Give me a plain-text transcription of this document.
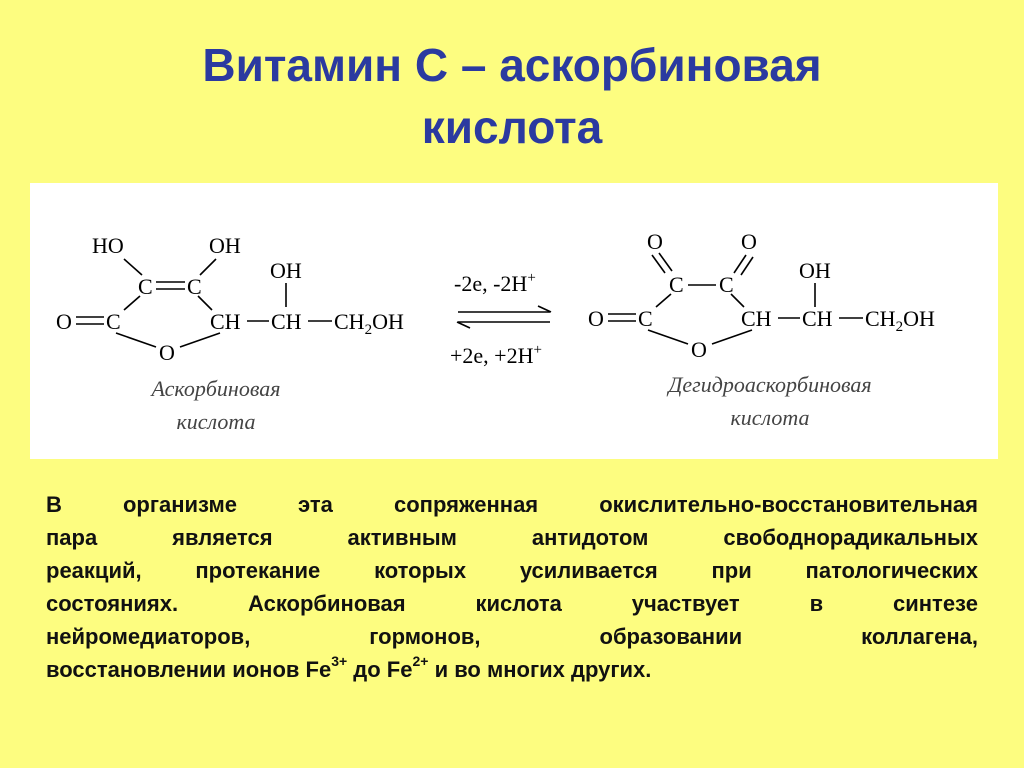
Витамин С – аскорбиновая
кислота
HO	OH
C C
OH
O C	CH CH $CH_2OH$
O
Аскорбиновая
кислота
-2e, -2H+
+2e, +2H+
O	O
C C
OH
O C	CH CH $CH_2OH$
O
Дегидроаскорбиновая
кислота
В	организме	эта	сопряженная	окислительно-восстановительная
пара	является	активным	антидотом	свободнорадикальных
реакций, протекание которых усиливается при патологических
состояниях.	Аскорбиновая	кислота	участвует	в	синтезе
нейромедиаторов,	гормонов,	образовании	коллагена,
восстановлении ионов $Fe^{3+}$ до $Fe^{2+}$ и во многих других.
